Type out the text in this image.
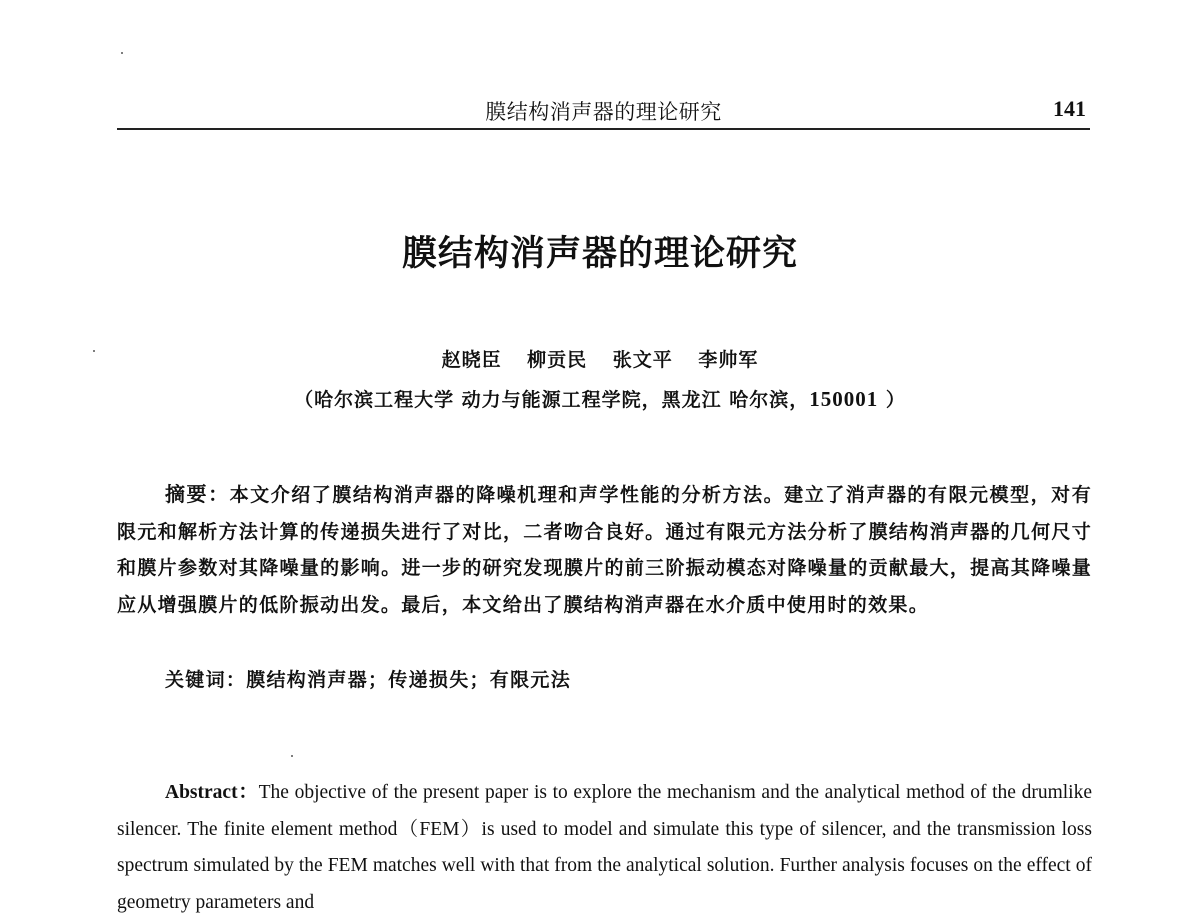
膜结构消声器的理论研究	141
膜结构消声器的理论研究
赵晓臣 柳贡民 张文平 李帅军
（哈尔滨工程大学 动力与能源工程学院，黑龙江 哈尔滨，150001 ）
摘要：本文介绍了膜结构消声器的降噪机理和声学性能的分析方法。建立了消声器的有限元模型，对有限元和解析方法计算的传递损失进行了对比，二者吻合良好。通过有限元方法分析了膜结构消声器的几何尺寸和膜片参数对其降噪量的影响。进一步的研究发现膜片的前三阶振动模态对降噪量的贡献最大，提高其降噪量应从增强膜片的低阶振动出发。最后，本文给出了膜结构消声器在水介质中使用时的效果。
关键词：膜结构消声器；传递损失；有限元法
Abstract：The objective of the present paper is to explore the mechanism and the analytical method of the drumlike silencer. The finite element method（FEM）is used to model and simulate this type of silencer, and the transmission loss spectrum simulated by the FEM matches well with that from the analytical solution. Further analysis focuses on the effect of geometry parameters and
